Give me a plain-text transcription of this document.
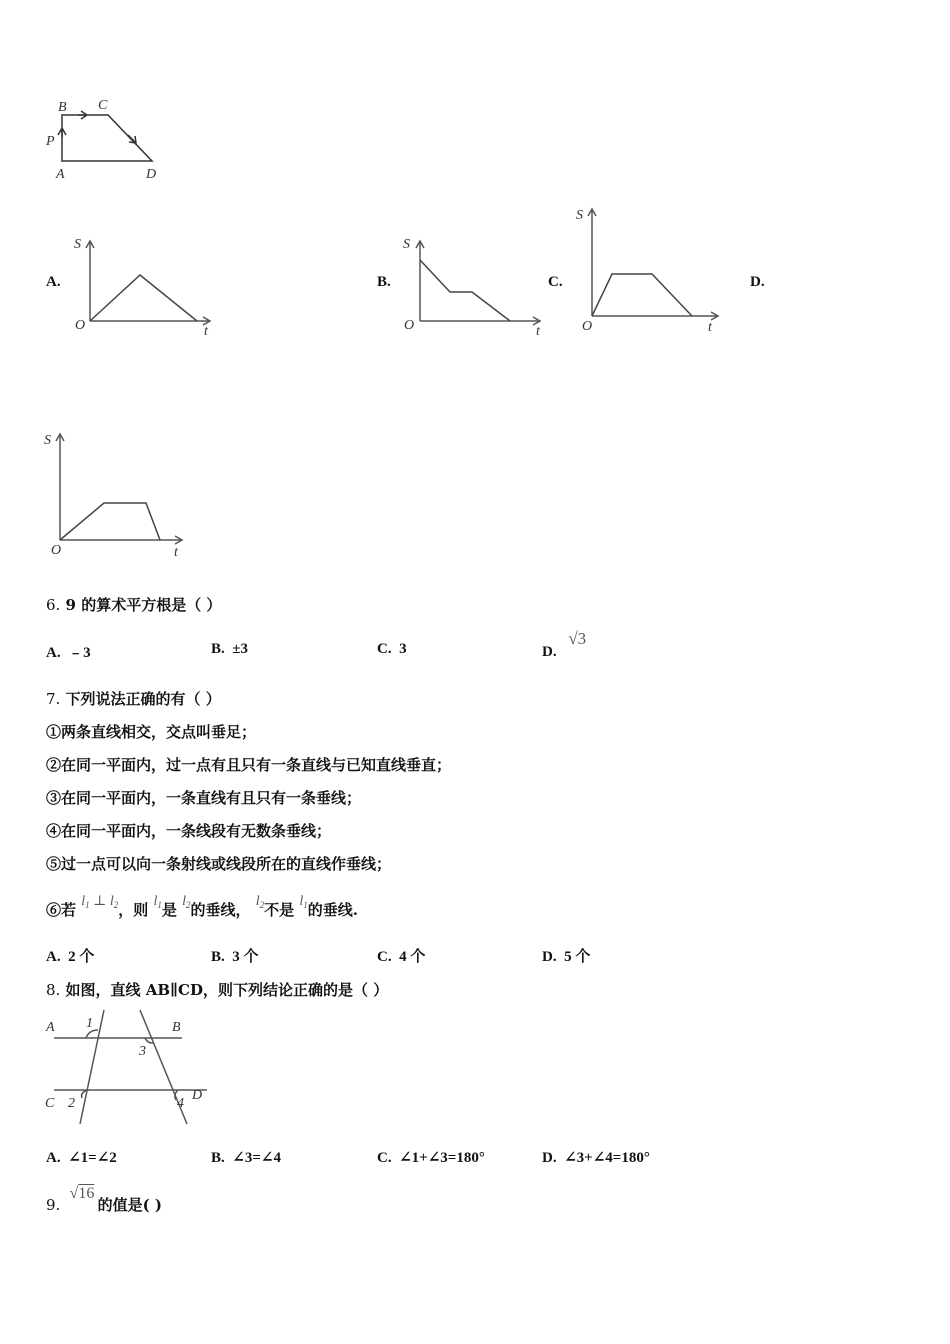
B C
P
A	D
A.	B.	C.	D.
S
O	t
S
O	t
S
O	t
S
O	t
6. 9 的算术平方根是（ ）
A. ﹣3	B. ±3	C. 3	D. √3
7. 下列说法正确的有（ ）
①两条直线相交，交点叫垂足；
②在同一平面内，过一点有且只有一条直线与已知直线垂直；
③在同一平面内，一条直线有且只有一条垂线；
④在同一平面内，一条线段有无数条垂线；
⑤过一点可以向一条射线或线段所在的直线作垂线；
⑥若 $l_1$ ⊥ $l_2$，则 $l_1$是 $l_2$的垂线， $l_2$不是 $l_1$的垂线.
A. 2 个	B. 3 个	C. 4 个	D. 5 个
8. 如图，直线 AB∥CD，则下列结论正确的是（ ）
A 1	B
3
C 2	4
D
A. ∠1=∠2	B. ∠3=∠4	C. ∠1+∠3=180°	D. ∠3+∠4=180°
9. √16 的值是( )
